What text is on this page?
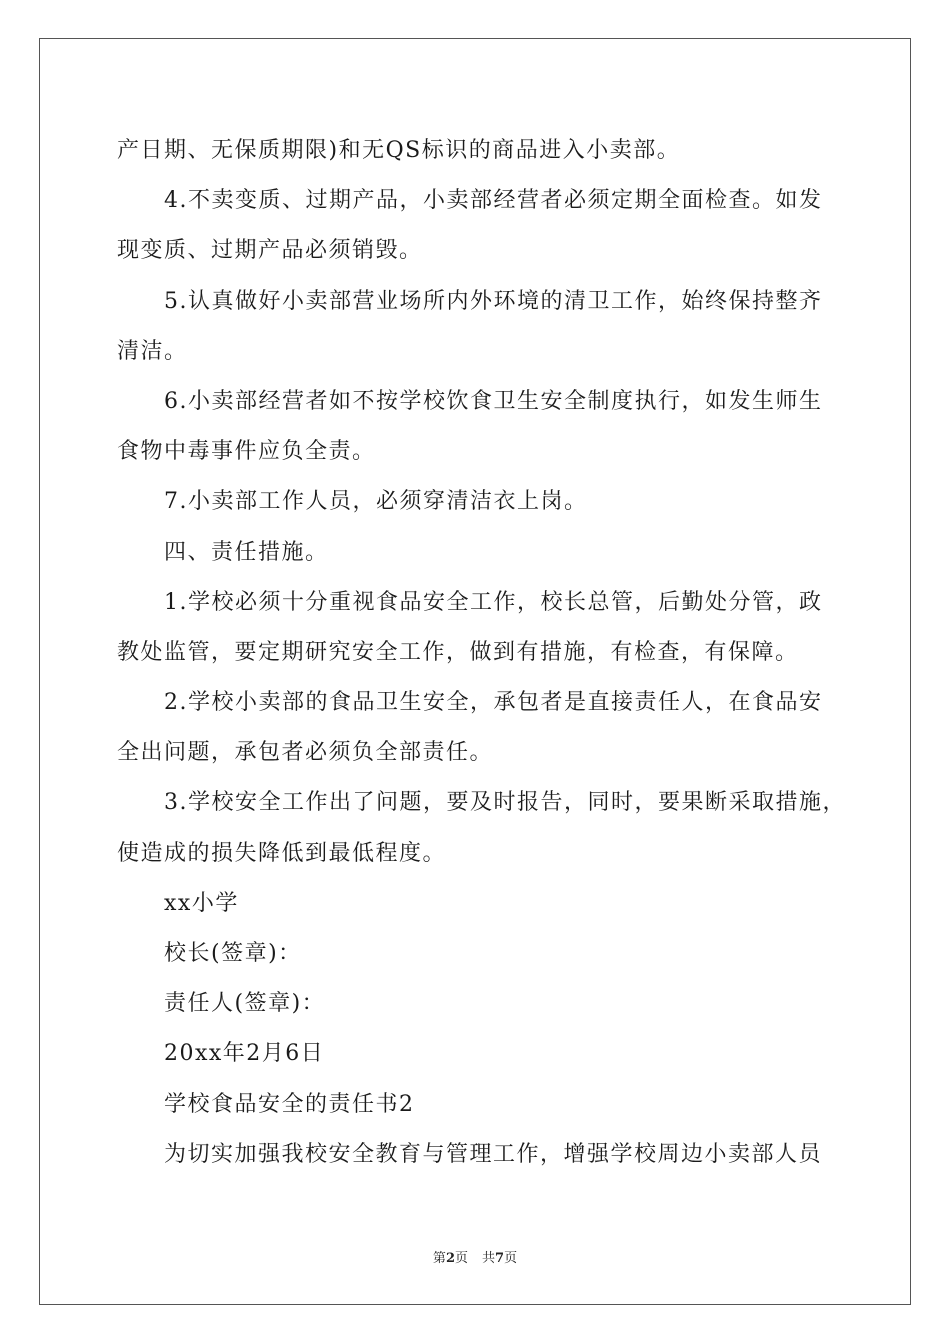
产日期、无保质期限)和无QS标识的商品进入小卖部。
4.不卖变质、过期产品，小卖部经营者必须定期全面检查。如发
现变质、过期产品必须销毁。
5.认真做好小卖部营业场所内外环境的清卫工作，始终保持整齐
清洁。
6.小卖部经营者如不按学校饮食卫生安全制度执行，如发生师生
食物中毒事件应负全责。
7.小卖部工作人员，必须穿清洁衣上岗。
四、责任措施。
1.学校必须十分重视食品安全工作，校长总管，后勤处分管，政
教处监管，要定期研究安全工作，做到有措施，有检查，有保障。
2.学校小卖部的食品卫生安全，承包者是直接责任人，在食品安
全出问题，承包者必须负全部责任。
3.学校安全工作出了问题，要及时报告，同时，要果断采取措施，
使造成的损失降低到最低程度。
xx小学
校长(签章)：
责任人(签章)：
20xx年2月6日
学校食品安全的责任书2
为切实加强我校安全教育与管理工作，增强学校周边小卖部人员
第2页 共7页
